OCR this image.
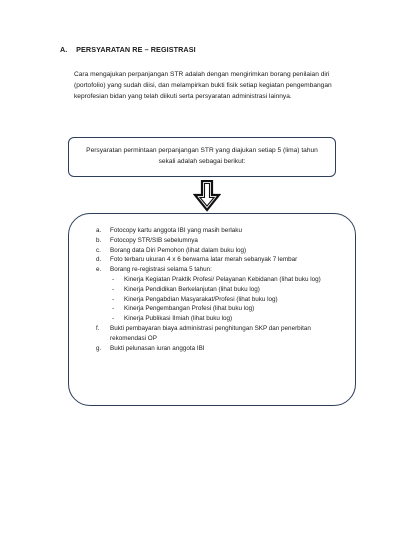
A. PERSYARATAN RE – REGISTRASI
Cara mengajukan perpanjangan STR adalah dengan mengirimkan borang penilaian diri (portofolio) yang sudah diisi, dan melampirkan bukti fisik setiap kegiatan pengembangan keprofesian bidan yang telah diikuti serta persyaratan administrasi lainnya.
Persyaratan permintaan perpanjangan STR yang diajukan setiap 5 (lima) tahun sekali adalah sebagai berikut:
a.	Fotocopy kartu anggota IBI yang masih berlaku
b.	Fotocopy STR/SIB sebelumnya
c.	Borang data Diri Pemohon (lihat dalam buku log)
d.	Foto terbaru ukuran 4 x 6 berwarna latar merah sebanyak 7 lembar
e.	Borang re-registrasi selama 5 tahun:
-	Kinerja Kegiatan Praktik Profesi/ Pelayanan Kebidanan (lihat buku log)
-	Kinerja Pendidikan Berkelanjutan (lihat buku log)
-	Kinerja Pengabdian Masyarakat/Profesi (lihat buku log)
-	Kinerja Pengembangan Profesi (lihat buku log)
-	Kinerja Publikasi Ilmiah (lihat buku log)
f.	Bukti pembayaran biaya administrasi penghitungan SKP dan penerbitan rekomendasi OP
g.	Bukti pelunasan iuran anggota IBI
